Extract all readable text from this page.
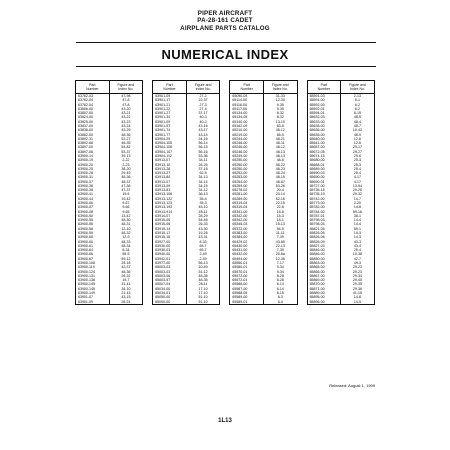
PIPER AIRCRAFT
PA-28-161 CADET
AIRPLANE PARTS CATALOG
NUMERICAL INDEX
Part
Number	Figure and
Index No.
63782-03	47-98
63782-04	47-8
63782-04	47-8
63806-00	43-20
63807-00	43-21
63824-00	43-22
63825-00	43-23
63837-00	43-24
63838-00	43-25
63882-00	48-36
63892-31	52-27
63892-68	46-35
63897-00	54-82
63897-06	53-37
63900-14	39-13
63900-19	2-22
63900-20	2-23
63900-25	38-20
63900-28	29-49
63900-31	48-36
63900-37	48-37
63900-38	47-36
63900-38	47-37
63900-41	19-6
63900-44	19-42
63900-06	9-67
63900-07	9-66
63900-08	9-65
63900-50	13-42
63900-55	48-30
63900-56	48-31
63900-58	12-10
63900-59	48-32
63900-60	12-9
63900-60	48-33
63900-61	48-34
63900-64	8-34
63900-66	59-5
63900-67	59-12
63900-108	25-18
63900-119	42-37
63900-124	48-36
63900-131	26-32
63900-138	19-7
63900-145	31-41
63900-145	34-10
63900-149	21-43
63901-07	43-15
63901-09	28-24
Part
Number	Figure and
Index No.
63901-09	27-2
63901-17	22-37
63901-21	27-3
63901-22	27-4
63901-27	37-17
63901-34	40-3
63901-09	40-2
63901-57	43-16
63901-74	43-17
63901-77	43-14
63904-29	34-16
63904-105	56-14
63904-106	56-15
63904-107	56-16
63904-112	53-36
63913-07	34-11
63913-10	28-25
63913-28	37-18
63913-27	62-5
63913-84	34-13
63913-07	34-14
63913-09	34-15
63913-81	34-12
63913-106	36-13
63913-122	35-4
63913-123	35-3
63913-193	45-10
63913-914	45-11
63914-07	28-29
63915-05	54-45
63915-06	26-33
63915-14	43-30
63915-17	19-26
63915-18	43-31
63927-00	8-33
63930-00	65-7
63930-03	65-7
63940-00	2-49
63942-01	2-49
63977-00	56-13
65003-03	10-49
65003-03	51-12
65003-06	48-35
65003-57	48-35
65007-04	28-11
65034-00	17-10
65034-01	17-10
65050-00	51-10
65050-00	51-10
Part
Number	Figure and
Index No.
65090-05	31-33
65114-00	12-30
65116-00	9-35
65117-00	9-35
65134-00	8-32
65134-05	8-32
65140-00	13-19
65162-09	63-6
65210-00	45-12
65219-00	65-5
65244-00	48-21
65246-00	48-11
65246-00	48-12
65246-00	48-13
65249-00	48-13
65250-00	48-6
65250-00	48-22
65250-00	48-23
65252-00	48-24
65253-00	48-15
65254-00	48-67
65259-00	53-26
65276-02	20-4
65281-00	20-14
65289-00	52-16
65319-04	22-15
65319-04	22-6
65341-00	18-8
65342-00	15-3
65342-00	18-1
65345-03	15-13
65372-00	54-5
65383-00	11-11
65384-00	7-39
65429-02	43-65
65430-00	22-13
65431-00	7-39
65432-00	20-6a
65494-00	12-36
65550-01	7-17
65550-01	9-34
65570-01	9-34
65572-00	8-28
65572-01	8-28
65586-00	6-14
65587-00	6-14
65588-05	6-15
65589-00	6-3
65589-01	6-4
Part
Number	Figure and
Index No.
65591-03	2-13
65591-00	6-1
65592-00	6-2
65592-01	6-2
65594-01	6-15
65632-03	48-5
65633-00	48-4
65635-00	48-7
65636-00	10-43
65635-00	48-9
65640-00	12-6
65641-00	12-6
65657-00	29-17
65672-05	29-27
65674-15	29-6
65680-00	25-3
65688-01	25-3
65689-00	25-4
65690-03	25-4
65690-00	4-17
65690-01	4-17
65727-00	13-54
65735-18	29-28
65735-19	29-32
65742-00	14-7
65773-00	2-20
65782-00	14-8
65784-00	59-16
65787-01	38-1
65798-03	14-4
65798-04	14-4
65821-05	59-1
65826-05	14-3
65826-06	14-3
65826-09	43-3
65827-03	43-4
65846-00	25-4
65846-00	10-38
65850-00	42-7
65863-00	49-3
65865-00	29-23
65866-00	29-23
65867-00	29-34
65869-00	29-40
65870-00	29-35
65871-00	29-36
65889-00	41-15
65895-00	14-6
65896-00	14-5
Released: August 1, 1999
1L13
